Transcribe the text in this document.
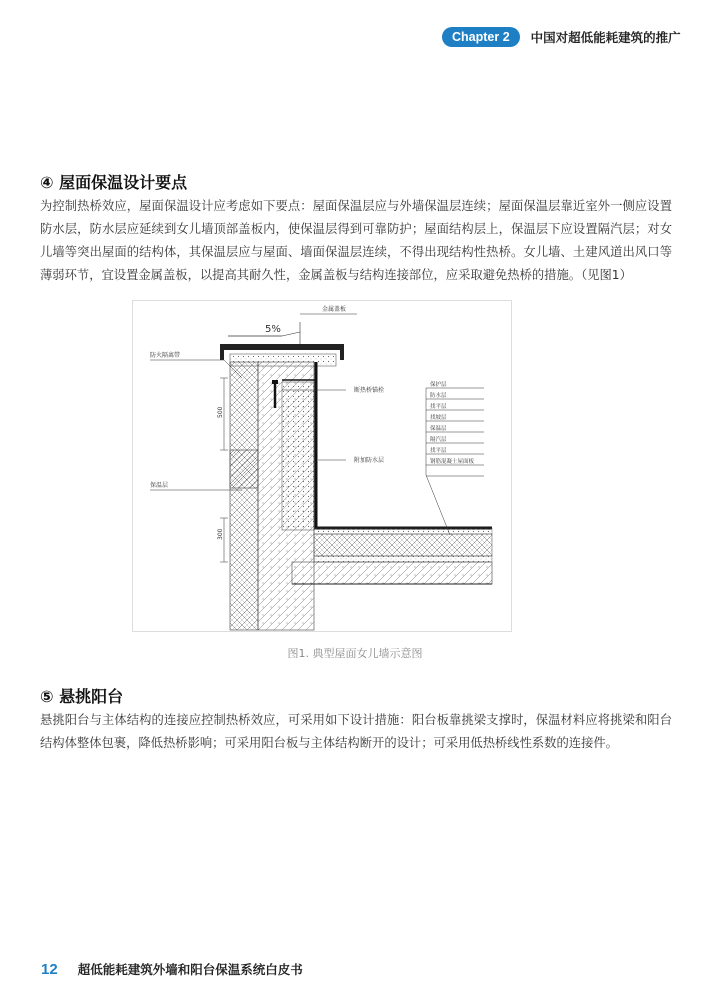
Chapter 2	中国对超低能耗建筑的推广
④ 屋面保温设计要点

为控制热桥效应，屋面保温设计应考虑如下要点：屋面保温层应与外墙保温层连续；屋面保温层靠近室外一侧应设置防水层，防水层应延续到女儿墙顶部盖板内，使保温层得到可靠防护；屋面结构层上，保温层下应设置隔汽层；对女儿墙等突出屋面的结构体，其保温层应与屋面、墙面保温层连续，不得出现结构性热桥。女儿墙、土建风道出风口等薄弱环节，宜设置金属盖板，以提高其耐久性，金属盖板与结构连接部位，应采取避免热桥的措施。（见图1）

5%
金属盖板
防火隔离带
保温层
500
300
断热桥锚栓
附加防水层
保护层
防水层
找平层
找坡层
保温层
隔汽层
找平层
钢筋混凝土屋面板
图1. 典型屋面女儿墙示意图
⑤ 悬挑阳台

悬挑阳台与主体结构的连接应控制热桥效应，可采用如下设计措施：阳台板靠挑梁支撑时，保温材料应将挑梁和阳台结构体整体包裹，降低热桥影响；可采用阳台板与主体结构断开的设计；可采用低热桥线性系数的连接件。

12 超低能耗建筑外墙和阳台保温系统白皮书
